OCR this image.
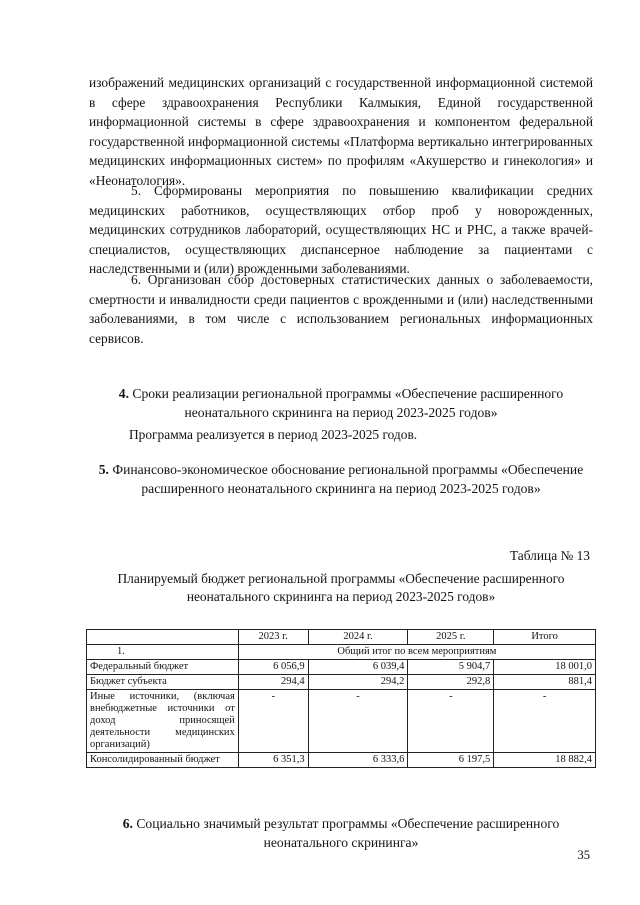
изображений медицинских организаций с государственной информационной системой в сфере здравоохранения Республики Калмыкия, Единой государственной информационной системы в сфере здравоохранения и компонентом федеральной государственной информационной системы «Платформа вертикально интегрированных медицинских информационных систем» по профилям «Акушерство и гинекология» и «Неонатология».
5. Сформированы мероприятия по повышению квалификации средних медицинских работников, осуществляющих отбор проб у новорожденных, медицинских сотрудников лабораторий, осуществляющих НС и РНС, а также врачей-специалистов, осуществляющих диспансерное наблюдение за пациентами с наследственными и (или) врожденными заболеваниями.
6. Организован сбор достоверных статистических данных о заболеваемости, смертности и инвалидности среди пациентов с врожденными и (или) наследственными заболеваниями, в том числе с использованием региональных информационных сервисов.
4. Сроки реализации региональной программы «Обеспечение расширенного неонатального скрининга на период 2023-2025 годов»
Программа реализуется в период 2023-2025 годов.
5. Финансово-экономическое обоснование региональной программы «Обеспечение расширенного неонатального скрининга на период 2023-2025 годов»
Таблица № 13
Планируемый бюджет региональной программы «Обеспечение расширенного неонатального скрининга на период 2023-2025 годов»
	2023 г.	2024 г.	2025 г.	Итого
1.	Общий итог по всем мероприятиям			
Федеральный бюджет	6 056,9	6 039,4	5 904,7	18 001,0
Бюджет субъекта	294,4	294,2	292,8	881,4
Иные источники, (включая внебюджетные источники от доход приносящей деятельности медицинских организаций)	-	-	-	-
Консолидированный бюджет	6 351,3	6 333,6	6 197,5	18 882,4
6. Социально значимый результат программы «Обеспечение расширенного неонатального скрининга»
35
